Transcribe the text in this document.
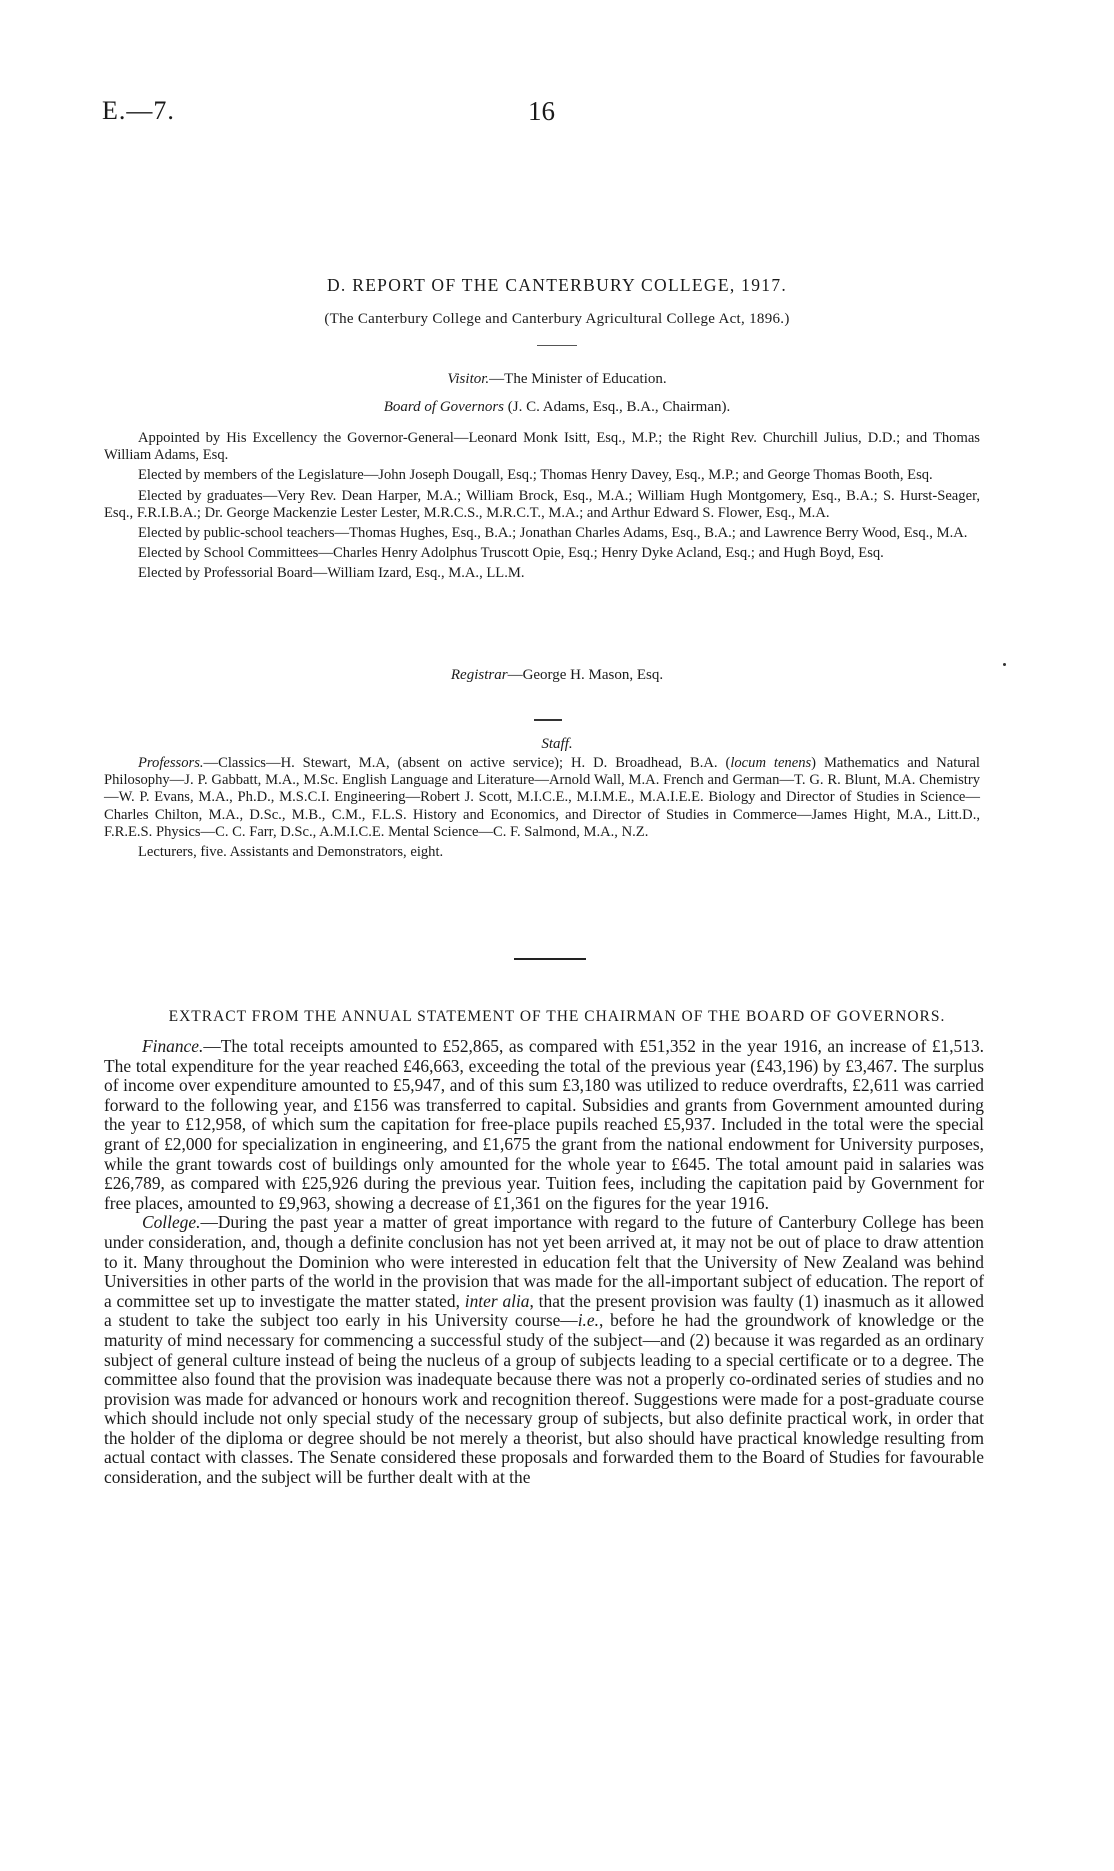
E.—7.	16
D. REPORT OF THE CANTERBURY COLLEGE, 1917.
(The Canterbury College and Canterbury Agricultural College Act, 1896.)
Visitor.—The Minister of Education.
Board of Governors (J. C. Adams, Esq., B.A., Chairman).

Appointed by His Excellency the Governor-General—Leonard Monk Isitt, Esq., M.P.; the Right Rev. Churchill Julius, D.D.; and Thomas William Adams, Esq.

Elected by members of the Legislature—John Joseph Dougall, Esq.; Thomas Henry Davey, Esq., M.P.; and George Thomas Booth, Esq.

Elected by graduates—Very Rev. Dean Harper, M.A.; William Brock, Esq., M.A.; William Hugh Montgomery, Esq., B.A.; S. Hurst-Seager, Esq., F.R.I.B.A.; Dr. George Mackenzie Lester Lester, M.R.C.S., M.R.C.T., M.A.; and Arthur Edward S. Flower, Esq., M.A.

Elected by public-school teachers—Thomas Hughes, Esq., B.A.; Jonathan Charles Adams, Esq., B.A.; and Lawrence Berry Wood, Esq., M.A.

Elected by School Committees—Charles Henry Adolphus Truscott Opie, Esq.; Henry Dyke Acland, Esq.; and Hugh Boyd, Esq.

Elected by Professorial Board—William Izard, Esq., M.A., LL.M.

Registrar—George H. Mason, Esq.
Staff.

Professors.—Classics—H. Stewart, M.A, (absent on active service); H. D. Broadhead, B.A. (locum tenens) Mathematics and Natural Philosophy—J. P. Gabbatt, M.A., M.Sc. English Language and Literature—Arnold Wall, M.A. French and German—T. G. R. Blunt, M.A. Chemistry—W. P. Evans, M.A., Ph.D., M.S.C.I. Engineering—Robert J. Scott, M.I.C.E., M.I.M.E., M.A.I.E.E. Biology and Director of Studies in Science—Charles Chilton, M.A., D.Sc., M.B., C.M., F.L.S. History and Economics, and Director of Studies in Commerce—James Hight, M.A., Litt.D., F.R.E.S. Physics—C. C. Farr, D.Sc., A.M.I.C.E. Mental Science—C. F. Salmond, M.A., N.Z.

Lecturers, five. Assistants and Demonstrators, eight.

EXTRACT FROM THE ANNUAL STATEMENT OF THE CHAIRMAN OF THE BOARD OF GOVERNORS.

Finance.—The total receipts amounted to £52,865, as compared with £51,352 in the year 1916, an increase of £1,513. The total expenditure for the year reached £46,663, exceeding the total of the previous year (£43,196) by £3,467. The surplus of income over expenditure amounted to £5,947, and of this sum £3,180 was utilized to reduce overdrafts, £2,611 was carried forward to the following year, and £156 was transferred to capital. Subsidies and grants from Government amounted during the year to £12,958, of which sum the capitation for free-place pupils reached £5,937. Included in the total were the special grant of £2,000 for specialization in engineering, and £1,675 the grant from the national endowment for University purposes, while the grant towards cost of buildings only amounted for the whole year to £645. The total amount paid in salaries was £26,789, as compared with £25,926 during the previous year. Tuition fees, including the capitation paid by Government for free places, amounted to £9,963, showing a decrease of £1,361 on the figures for the year 1916.

College.—During the past year a matter of great importance with regard to the future of Canterbury College has been under consideration, and, though a definite conclusion has not yet been arrived at, it may not be out of place to draw attention to it. Many throughout the Dominion who were interested in education felt that the University of New Zealand was behind Universities in other parts of the world in the provision that was made for the all-important subject of education. The report of a committee set up to investigate the matter stated, inter alia, that the present provision was faulty (1) inasmuch as it allowed a student to take the subject too early in his University course—i.e., before he had the groundwork of knowledge or the maturity of mind necessary for commencing a successful study of the subject—and (2) because it was regarded as an ordinary subject of general culture instead of being the nucleus of a group of subjects leading to a special certificate or to a degree. The committee also found that the provision was inadequate because there was not a properly co-ordinated series of studies and no provision was made for advanced or honours work and recognition thereof. Suggestions were made for a post-graduate course which should include not only special study of the necessary group of subjects, but also definite practical work, in order that the holder of the diploma or degree should be not merely a theorist, but also should have practical knowledge resulting from actual contact with classes. The Senate considered these proposals and forwarded them to the Board of Studies for favourable consideration, and the subject will be further dealt with at the
